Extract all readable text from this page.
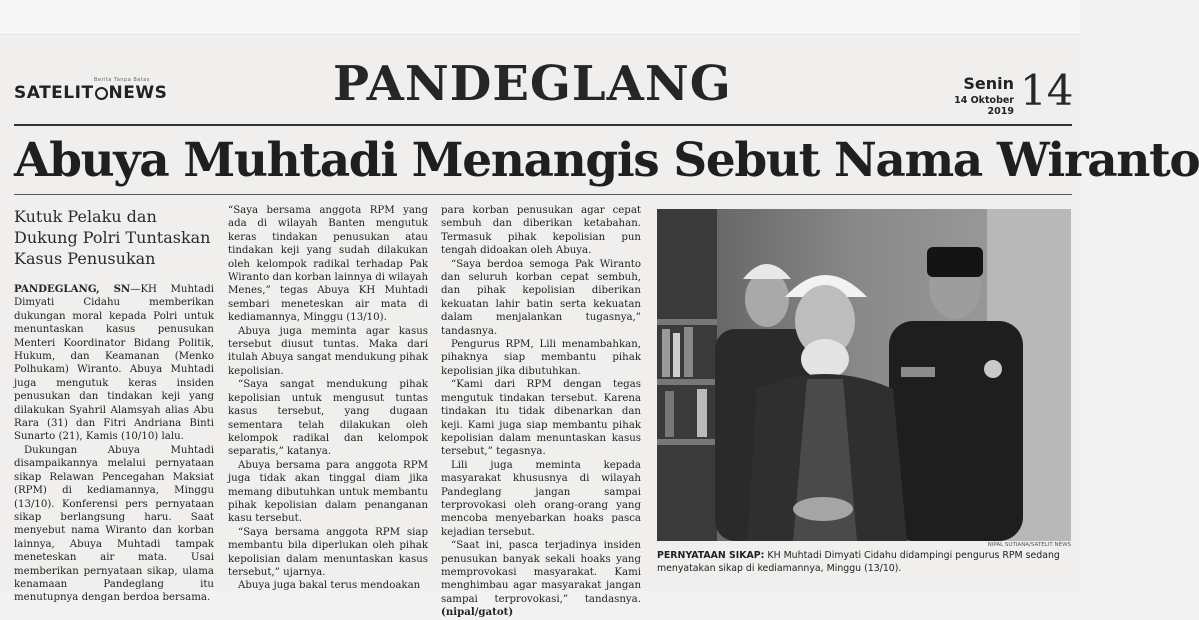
SATELIT NEWS
Berita Tanpa Batas	PANDEGLANG	Senin
14 Oktober 2019 14
Abuya Muhtadi Menangis Sebut Nama Wiranto
Kutuk Pelaku dan Dukung Polri Tuntaskan Kasus Penusukan

PANDEGLANG, SN—KH Muhtadi Dimyati Cidahu memberikan dukungan moral kepada Polri untuk menuntaskan kasus penusukan Menteri Koordinator Bidang Politik, Hukum, dan Keamanan (Menko Polhukam) Wiranto. Abuya Muhtadi juga mengutuk keras insiden penusukan dan tindakan keji yang dilakukan Syahril Alamsyah alias Abu Rara (31) dan Fitri Andriana Binti Sunarto (21), Kamis (10/10) lalu.

Dukungan Abuya Muhtadi disampaikannya melalui pernyataan sikap Relawan Pencegahan Maksiat (RPM) di kediamannya, Minggu (13/10). Konferensi pers pernyataan sikap berlangsung haru. Saat menyebut nama Wiranto dan korban lainnya, Abuya Muhtadi tampak meneteskan air mata. Usai memberikan pernyataan sikap, ulama kenamaan Pandeglang itu menutupnya dengan berdoa bersama.

“Saya bersama anggota RPM yang ada di wilayah Banten mengutuk keras tindakan penusukan atau tindakan keji yang sudah dilakukan oleh kelompok radikal terhadap Pak Wiranto dan korban lainnya di wilayah Menes,” tegas Abuya KH Muhtadi sembari meneteskan air mata di kediamannya, Minggu (13/10).

Abuya juga meminta agar kasus tersebut diusut tuntas. Maka dari itulah Abuya sangat mendukung pihak kepolisian.

“Saya sangat mendukung pihak kepolisian untuk mengusut tuntas kasus tersebut, yang dugaan sementara telah dilakukan oleh kelompok radikal dan kelompok separatis,” katanya.

Abuya bersama para anggota RPM juga tidak akan tinggal diam jika memang dibutuhkan untuk membantu pihak kepolisian dalam penanganan kasu tersebut.

“Saya bersama anggota RPM siap membantu bila diperlukan oleh pihak kepolisian dalam menuntaskan kasus tersebut,” ujarnya.

Abuya juga bakal terus mendoakan

para korban penusukan agar cepat sembuh dan diberikan ketabahan. Termasuk pihak kepolisian pun tengah didoakan oleh Abuya.

“Saya berdoa semoga Pak Wiranto dan seluruh korban cepat sembuh, dan pihak kepolisian diberikan kekuatan lahir batin serta kekuatan dalam menjalankan tugasnya,” tandasnya.

Pengurus RPM, Lili menambahkan, pihaknya siap membantu pihak kepolisian jika dibutuhkan.

“Kami dari RPM dengan tegas mengutuk tindakan tersebut. Karena tindakan itu tidak dibenarkan dan keji. Kami juga siap membantu pihak kepolisian dalam menuntaskan kasus tersebut,” tegasnya.

Lili juga meminta kepada masyarakat khususnya di wilayah Pandeglang jangan sampai terprovokasi oleh orang-orang yang mencoba menyebarkan hoaks pasca kejadian tersebut.

“Saat ini, pasca terjadinya insiden penusukan banyak sekali hoaks yang memprovokasi masyarakat. Kami menghimbau agar masyarakat jangan sampai terprovokasi,” tandasnya. (nipal/gatot)

NIPAL SUTIANA/SATELIT NEWS
PERNYATAAN SIKAP: KH Muhtadi Dimyati Cidahu didampingi pengurus RPM sedang menyatakan sikap di kediamannya, Minggu (13/10).
